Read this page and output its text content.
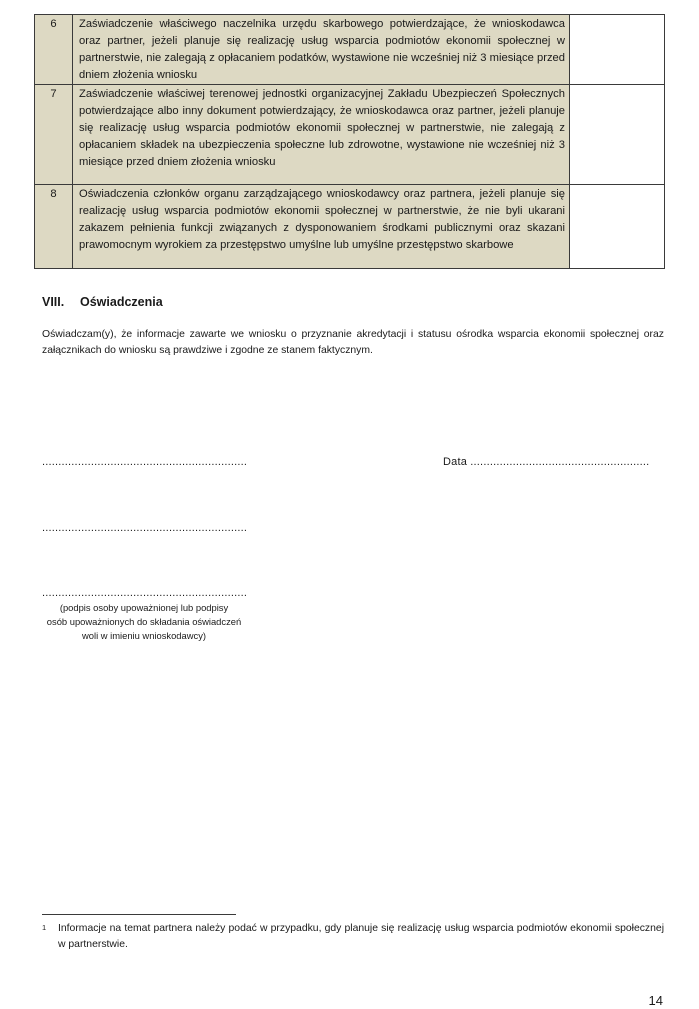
6	Zaświadczenie właściwego naczelnika urzędu skarbowego potwierdzające, że wnioskodawca oraz partner, jeżeli planuje się realizację usług wsparcia podmiotów ekonomii społecznej w partnerstwie, nie zalegają z opłacaniem podatków, wystawione nie wcześniej niż 3 miesiące przed dniem złożenia wniosku	
7	Zaświadczenie właściwej terenowej jednostki organizacyjnej Zakładu Ubezpieczeń Społecznych potwierdzające albo inny dokument potwierdzający, że wnioskodawca oraz partner, jeżeli planuje się realizację usług wsparcia podmiotów ekonomii społecznej w partnerstwie, nie zalegają z opłacaniem składek na ubezpieczenia społeczne lub zdrowotne, wystawione nie wcześniej niż 3 miesiące przed dniem złożenia wniosku	
8	Oświadczenia członków organu zarządzającego wnioskodawcy oraz partnera, jeżeli planuje się realizację usług wsparcia podmiotów ekonomii społecznej w partnerstwie, że nie byli ukarani zakazem pełnienia funkcji związanych z dysponowaniem środkami publicznymi oraz skazani prawomocnym wyrokiem za przestępstwo umyślne lub umyślne przestępstwo skarbowe	
VIII. Oświadczenia
Oświadczam(y), że informacje zawarte we wniosku o przyznanie akredytacji i statusu ośrodka wsparcia ekonomii społecznej oraz załącznikach do wniosku są prawdziwe i zgodne ze stanem faktycznym.
...............................................................	Data .......................................................
...............................................................
...............................................................
(podpis osoby upoważnionej lub podpisy
osób upoważnionych do składania oświadczeń
woli w imieniu wnioskodawcy)
$^1$ Informacje na temat partnera należy podać w przypadku, gdy planuje się realizację usług wsparcia podmiotów ekonomii społecznej w partnerstwie.
14
